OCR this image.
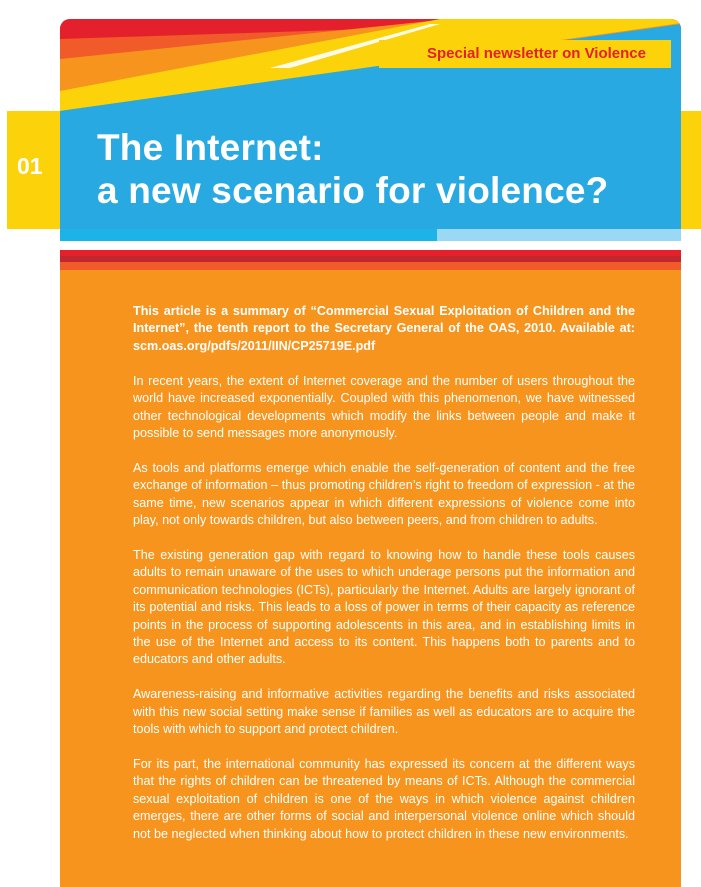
Special newsletter on Violence
01 The Internet:
a new scenario for violence?

This article is a summary of “Commercial Sexual Exploitation of Children and the Internet”, the tenth report to the Secretary General of the OAS, 2010. Available at: scm.oas.org/pdfs/2011/IIN/CP25719E.pdf

In recent years, the extent of Internet coverage and the number of users throughout the world have increased exponentially. Coupled with this phenomenon, we have witnessed other technological developments which modify the links between people and make it possible to send messages more anonymously.

As tools and platforms emerge which enable the self-generation of content and the free exchange of information – thus promoting children’s right to freedom of expression - at the same time, new scenarios appear in which different expressions of violence come into play, not only towards children, but also between peers, and from children to adults.

The existing generation gap with regard to knowing how to handle these tools causes adults to remain unaware of the uses to which underage persons put the information and communication technologies (ICTs), particularly the Internet. Adults are largely ignorant of its potential and risks. This leads to a loss of power in terms of their capacity as reference points in the process of supporting adolescents in this area, and in establishing limits in the use of the Internet and access to its content. This happens both to parents and to educators and other adults.

Awareness-raising and informative activities regarding the benefits and risks associated with this new social setting make sense if families as well as educators are to acquire the tools with which to support and protect children.

For its part, the international community has expressed its concern at the different ways that the rights of children can be threatened by means of ICTs. Although the commercial sexual exploitation of children is one of the ways in which violence against children emerges, there are other forms of social and interpersonal violence online which should not be neglected when thinking about how to protect children in these new environments.
